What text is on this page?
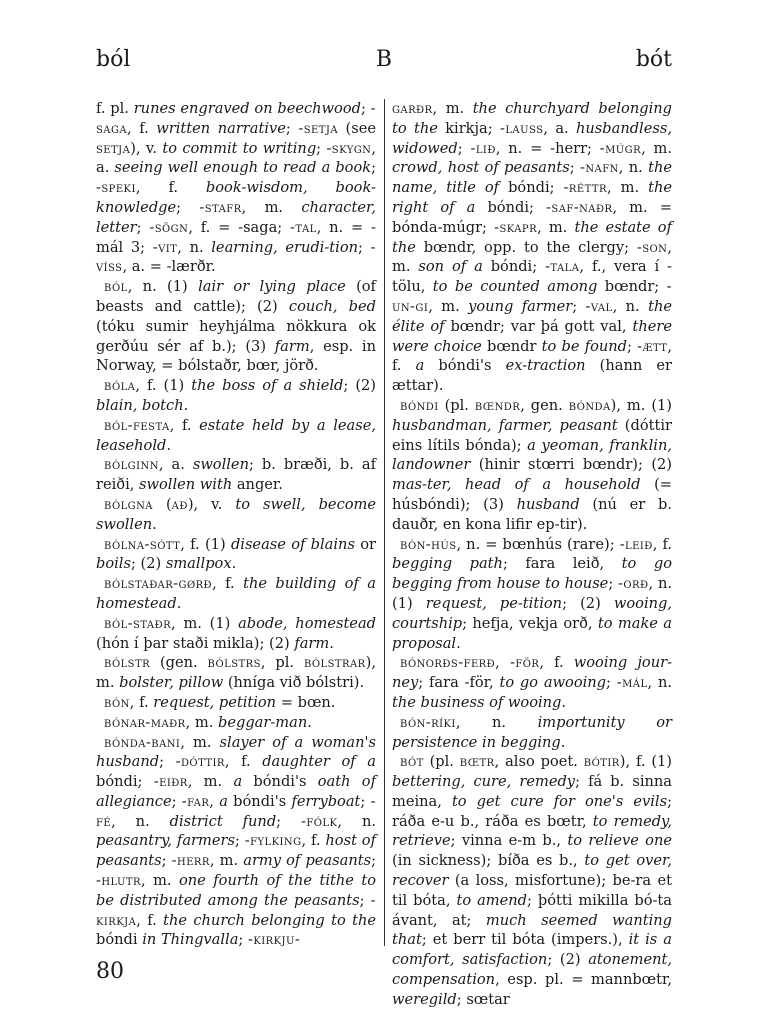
ból	B	bót

f. pl. runes engraved on beechwood; -saga, f. written narrative; -setja (see setja), v. to commit to writing; -skygn, a. seeing well enough to read a book; -speki, f. book-wisdom, book-knowledge; -stafr, m. character, letter; -sögn, f. = -saga; -tal, n. = -mál 3; -vit, n. learning, erudi-tion; -víss, a. = -lærðr.

ból, n. (1) lair or lying place (of beasts and cattle); (2) couch, bed (tóku sumir heyhjálma nökkura ok gerðúu sér af b.); (3) farm, esp. in Norway, = bólstaðr, bœr, jörð.

bóla, f. (1) the boss of a shield; (2) blain, botch.

ból-festa, f. estate held by a lease, leasehold.

bólginn, a. swollen; b. bræði, b. af reiði, swollen with anger.

bólgna (að), v. to swell, become swollen.

bólna-sótt, f. (1) disease of blains or boils; (2) smallpox.

bólstaðar-gørð, f. the building of a homestead.

ból-staðr, m. (1) abode, homestead (hón í þar staði mikla); (2) farm.

bólstr (gen. bólstrs, pl. bólstrar), m. bolster, pillow (hníga við bólstri).

bón, f. request, petition = bœn.

bónar-maðr, m. beggar-man.

bónda-bani, m. slayer of a woman's husband; -dóttir, f. daughter of a bóndi; -eiðr, m. a bóndi's oath of allegiance; -far, a bóndi's ferryboat; -fé, n. district fund; -fólk, n. peasantry, farmers; -fylking, f. host of peasants; -herr, m. army of peasants; -hlutr, m. one fourth of the tithe to be distributed among the peasants; -kirkja, f. the church belonging to the bóndi in Thingvalla; -kirkju-

garðr, m. the churchyard belonging to the kirkja; -lauss, a. husbandless, widowed; -lið, n. = -herr; -múgr, m. crowd, host of peasants; -nafn, n. the name, title of bóndi; -réttr, m. the right of a bóndi; -saf-naðr, m. = bónda-múgr; -skapr, m. the estate of the bœndr, opp. to the clergy; -son, m. son of a bóndi; -tala, f., vera í -tölu, to be counted among bœndr; -un-gi, m. young farmer; -val, n. the élite of bœndr; var þá gott val, there were choice bœndr to be found; -ætt, f. a bóndi's ex-traction (hann er ættar).

bóndi (pl. bœndr, gen. bónda), m. (1) husbandman, farmer, peasant (dóttir eins lítils bónda); a yeoman, franklin, landowner (hinir stœrri bœndr); (2) mas-ter, head of a household (= húsbóndi); (3) husband (nú er b. dauðr, en kona lifir ep-tir).

bón-hús, n. = bœnhús (rare); -leið, f. begging path; fara leið, to go begging from house to house; -orð, n. (1) request, pe-tition; (2) wooing, courtship; hefja, vekja orð, to make a proposal.

bónorðs-ferð, -för, f. wooing jour-ney; fara -för, to go awooing; -mál, n. the business of wooing.

bón-ríki, n. importunity or persistence in begging.

bót (pl. bœtr, also poet. bótir), f. (1) bettering, cure, remedy; fá b. sinna meina, to get cure for one's evils; ráða e-u b., ráða es bœtr, to remedy, retrieve; vinna e-m b., to relieve one (in sickness); bíða es b., to get over, recover (a loss, misfortune); be-ra et til bóta, to amend; þótti mikilla bó-ta ávant, at; much seemed wanting that; et berr til bóta (impers.), it is a comfort, satisfaction; (2) atonement, compensation, esp. pl. = mannbœtr, weregild; sœtar

80
